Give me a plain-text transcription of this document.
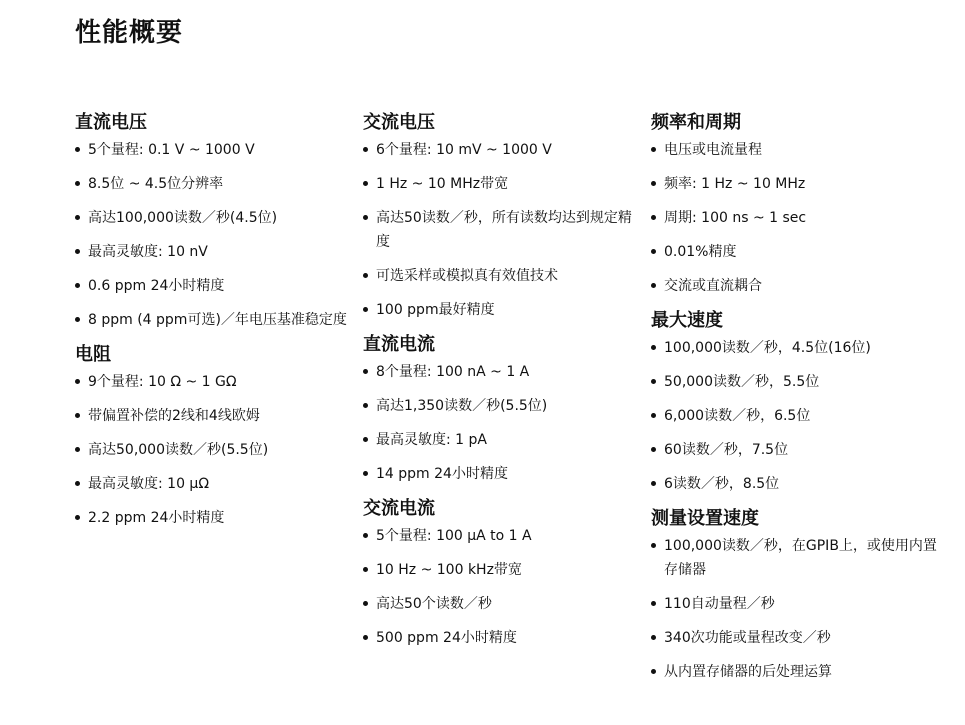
性能概要
直流电压
5个量程: 0.1 V ~ 1000 V
8.5位 ~ 4.5位分辨率
高达100,000读数／秒(4.5位)
最高灵敏度: 10 nV
0.6 ppm 24小时精度
8 ppm (4 ppm可选)／年电压基准稳定度
电阻
9个量程: 10 Ω ~ 1 GΩ
带偏置补偿的2线和4线欧姆
高达50,000读数／秒(5.5位)
最高灵敏度: 10 µΩ
2.2 ppm 24小时精度
交流电压
6个量程: 10 mV ~ 1000 V
1 Hz ~ 10 MHz带宽
高达50读数／秒，所有读数均达到规定精度
可选采样或模拟真有效值技术
100 ppm最好精度
直流电流
8个量程: 100 nA ~ 1 A
高达1,350读数／秒(5.5位)
最高灵敏度: 1 pA
14 ppm 24小时精度
交流电流
5个量程: 100 µA to 1 A
10 Hz ~ 100 kHz带宽
高达50个读数／秒
500 ppm 24小时精度
频率和周期
电压或电流量程
频率: 1 Hz ~ 10 MHz
周期: 100 ns ~ 1 sec
0.01%精度
交流或直流耦合
最大速度
100,000读数／秒，4.5位(16位)
50,000读数／秒，5.5位
6,000读数／秒，6.5位
60读数／秒，7.5位
6读数／秒，8.5位
测量设置速度
100,000读数／秒，在GPIB上，或使用内置存储器
110自动量程／秒
340次功能或量程改变／秒
从内置存储器的后处理运算
